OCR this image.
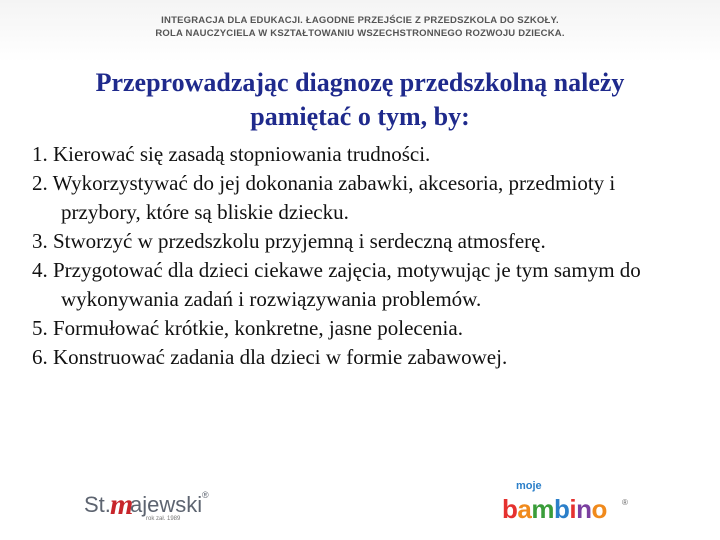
INTEGRACJA DLA EDUKACJI. ŁAGODNE PRZEJŚCIE Z PRZEDSZKOLA DO SZKOŁY.
ROLA NAUCZYCIELA W KSZTAŁTOWANIU WSZECHSTRONNEGO ROZWOJU DZIECKA.
Przeprowadzając diagnozę przedszkolną należy
pamiętać o tym, by:
1. Kierować się zasadą stopniowania trudności.
2. Wykorzystywać do jej dokonania zabawki, akcesoria, przedmioty i przybory, które są bliskie dziecku.
3. Stworzyć w przedszkolu przyjemną i serdeczną atmosferę.
4. Przygotować dla dzieci ciekawe zajęcia, motywując je tym samym do wykonywania zadań i rozwiązywania problemów.
5. Formułować krótkie, konkretne, jasne polecenia.
6. Konstruować zadania dla dzieci w formie zabawowej.
St. m
ajewski ®
rok zał. 1989
moje
bambino ®
